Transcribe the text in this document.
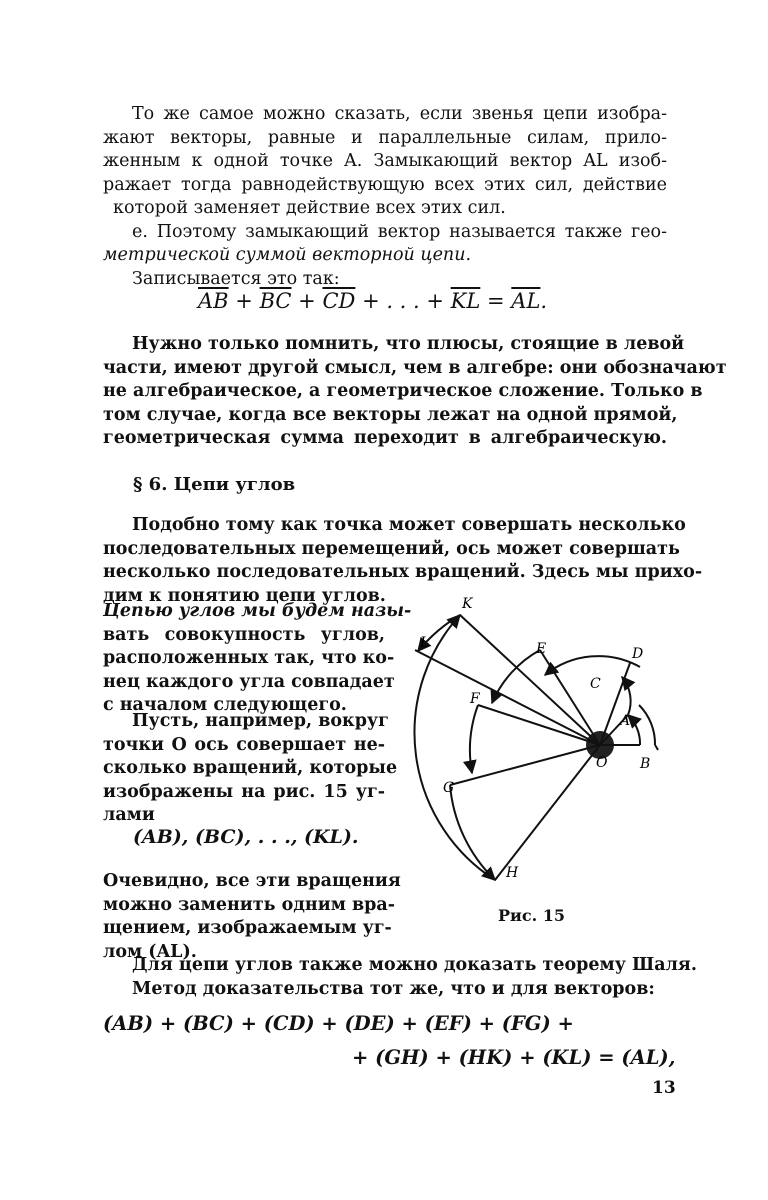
То же самое можно сказать, если звенья цепи изобра-
жают векторы, равные и параллельные силам, прило-
женным к одной точке A. Замыкающий вектор AL изоб-
ражает тогда равнодействующую всех этих сил, действие
которой заменяет действие всех этих сил.
е. Поэтому замыкающий вектор называется также гео-
метрической суммой векторной цепи.
Записывается это так:
$\overline{AB} + \overline{BC} + \overline{CD}$ + . . . + $\overline{KL} = \overline{AL}$.
Нужно только помнить, что плюсы, стоящие в левой
части, имеют другой смысл, чем в алгебре: они обозначают
не алгебраическое, а геометрическое сложение. Только в
том случае, когда все векторы лежат на одной прямой,
геометрическая сумма переходит в алгебраическую.
§ 6. Цепи углов
Подобно тому как точка может совершать несколько
последовательных перемещений, ось может совершать
несколько последовательных вращений. Здесь мы прихо-
дим к понятию цепи углов.
Цепью углов мы будем назы-
вать совокупность углов,
расположенных так, что ко-
нец каждого угла совпадает
с началом следующего.
Пусть, например, вокруг
точки O ось совершает не-
сколько вращений, которые
изображены на рис. 15 уг-
лами
(AB), (BC), . . ., (KL).
Очевидно, все эти вращения
можно заменить одним вра-
щением, изображаемым уг-
лом (AL).
O
A
B
C
D
E
F
G
H
K
L
Рис. 15
Для цепи углов также можно доказать теорему Шаля.
Метод доказательства тот же, что и для векторов:
(AB) + (BC) + (CD) + (DE) + (EF) + (FG) +
+ (GH) + (HK) + (KL) = (AL),
13
